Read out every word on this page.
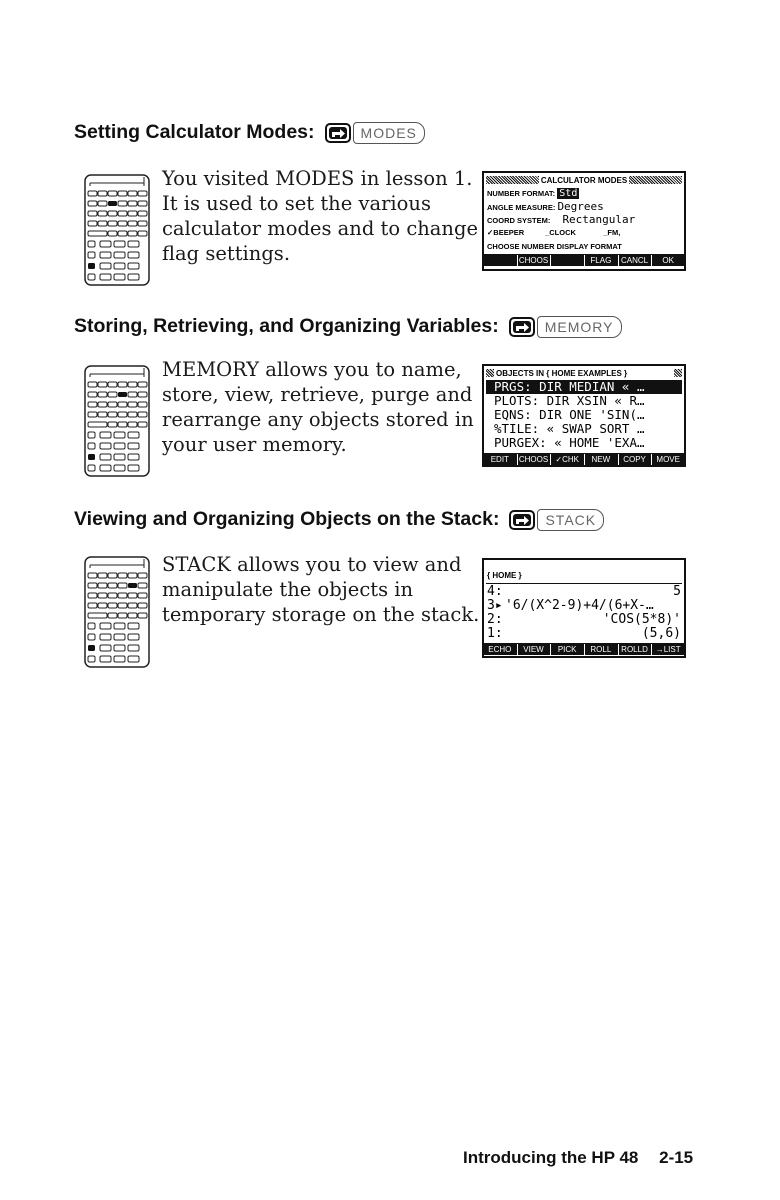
Setting Calculator Modes:	MODES
You visited MODES in lesson 1.
It is used to set the various
calculator modes and to change
flag settings.
CALCULATOR MODES
NUMBER FORMAT: Std
ANGLE MEASURE: Degrees
COORD SYSTEM: Rectangular
✓BEEPER	_CLOCK	_FM,
CHOOSE NUMBER DISPLAY FORMAT
CHOOS	FLAG	CANCL	OK
Storing, Retrieving, and Organizing Variables:	MEMORY
MEMORY allows you to name,
store, view, retrieve, purge and
rearrange any objects stored in
your user memory.
OBJECTS IN { HOME EXAMPLES }
PRGS: DIR MEDIAN « …
PLOTS: DIR XSIN « R…
EQNS: DIR ONE 'SIN(…
%TILE: « SWAP SORT …
PURGEX: « HOME 'EXA…
EDIT	CHOOS ✓CHK	NEW	COPY	MOVE
Viewing and Organizing Objects on the Stack:	STACK
STACK allows you to view and
manipulate the objects in
temporary storage on the stack.
{ HOME }
4:	5
3▸ '6/(X^2-9)+4/(6+X-…
2:	'COS(5*8)'
1:	(5,6)
ECHO	VIEW	PICK	ROLL	ROLLD →LIST
Introducing the HP 48 2-15
